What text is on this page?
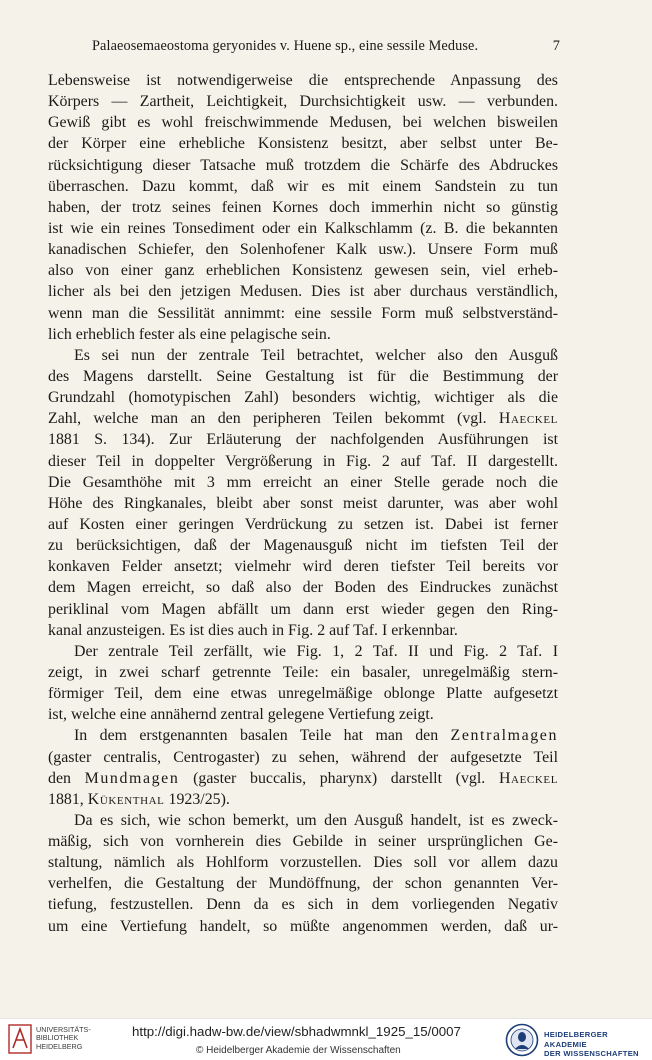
Palaeosemaeostoma geryonides v. Huene sp., eine sessile Meduse.	7
Lebensweise ist notwendigerweise die entsprechende Anpassung des
Körpers — Zartheit, Leichtigkeit, Durchsichtigkeit usw. — verbunden.
Gewiß gibt es wohl freischwimmende Medusen, bei welchen bisweilen
der Körper eine erhebliche Konsistenz besitzt, aber selbst unter Be-
rücksichtigung dieser Tatsache muß trotzdem die Schärfe des Abdruckes
überraschen. Dazu kommt, daß wir es mit einem Sandstein zu tun
haben, der trotz seines feinen Kornes doch immerhin nicht so günstig
ist wie ein reines Tonsediment oder ein Kalkschlamm (z. B. die bekannten
kanadischen Schiefer, den Solenhofener Kalk usw.). Unsere Form muß
also von einer ganz erheblichen Konsistenz gewesen sein, viel erheb-
licher als bei den jetzigen Medusen. Dies ist aber durchaus verständlich,
wenn man die Sessilität annimmt: eine sessile Form muß selbstverständ-
lich erheblich fester als eine pelagische sein.
Es sei nun der zentrale Teil betrachtet, welcher also den Ausguß
des Magens darstellt. Seine Gestaltung ist für die Bestimmung der
Grundzahl (homotypischen Zahl) besonders wichtig, wichtiger als die
Zahl, welche man an den peripheren Teilen bekommt (vgl. Haeckel
1881 S. 134). Zur Erläuterung der nachfolgenden Ausführungen ist
dieser Teil in doppelter Vergrößerung in Fig. 2 auf Taf. II dargestellt.
Die Gesamthöhe mit 3 mm erreicht an einer Stelle gerade noch die
Höhe des Ringkanales, bleibt aber sonst meist darunter, was aber wohl
auf Kosten einer geringen Verdrückung zu setzen ist. Dabei ist ferner
zu berücksichtigen, daß der Magenausguß nicht im tiefsten Teil der
konkaven Felder ansetzt; vielmehr wird deren tiefster Teil bereits vor
dem Magen erreicht, so daß also der Boden des Eindruckes zunächst
periklinal vom Magen abfällt um dann erst wieder gegen den Ring-
kanal anzusteigen. Es ist dies auch in Fig. 2 auf Taf. I erkennbar.
Der zentrale Teil zerfällt, wie Fig. 1, 2 Taf. II und Fig. 2 Taf. I
zeigt, in zwei scharf getrennte Teile: ein basaler, unregelmäßig stern-
förmiger Teil, dem eine etwas unregelmäßige oblonge Platte aufgesetzt
ist, welche eine annähernd zentral gelegene Vertiefung zeigt.
In dem erstgenannten basalen Teile hat man den Zentralmagen
(gaster centralis, Centrogaster) zu sehen, während der aufgesetzte Teil
den Mundmagen (gaster buccalis, pharynx) darstellt (vgl. Haeckel
1881, Kükenthal 1923/25).
Da es sich, wie schon bemerkt, um den Ausguß handelt, ist es zweck-
mäßig, sich von vornherein dies Gebilde in seiner ursprünglichen Ge-
staltung, nämlich als Hohlform vorzustellen. Dies soll vor allem dazu
verhelfen, die Gestaltung der Mundöffnung, der schon genannten Ver-
tiefung, festzustellen. Denn da es sich in dem vorliegenden Negativ
um eine Vertiefung handelt, so müßte angenommen werden, daß ur-
UNIVERSITÄTS-
BIBLIOTHEK
HEIDELBERG
http://digi.hadw-bw.de/view/sbhadwmnkl_1925_15/0007
© Heidelberger Akademie der Wissenschaften
HEIDELBERGER AKADEMIE
DER WISSENSCHAFTEN
